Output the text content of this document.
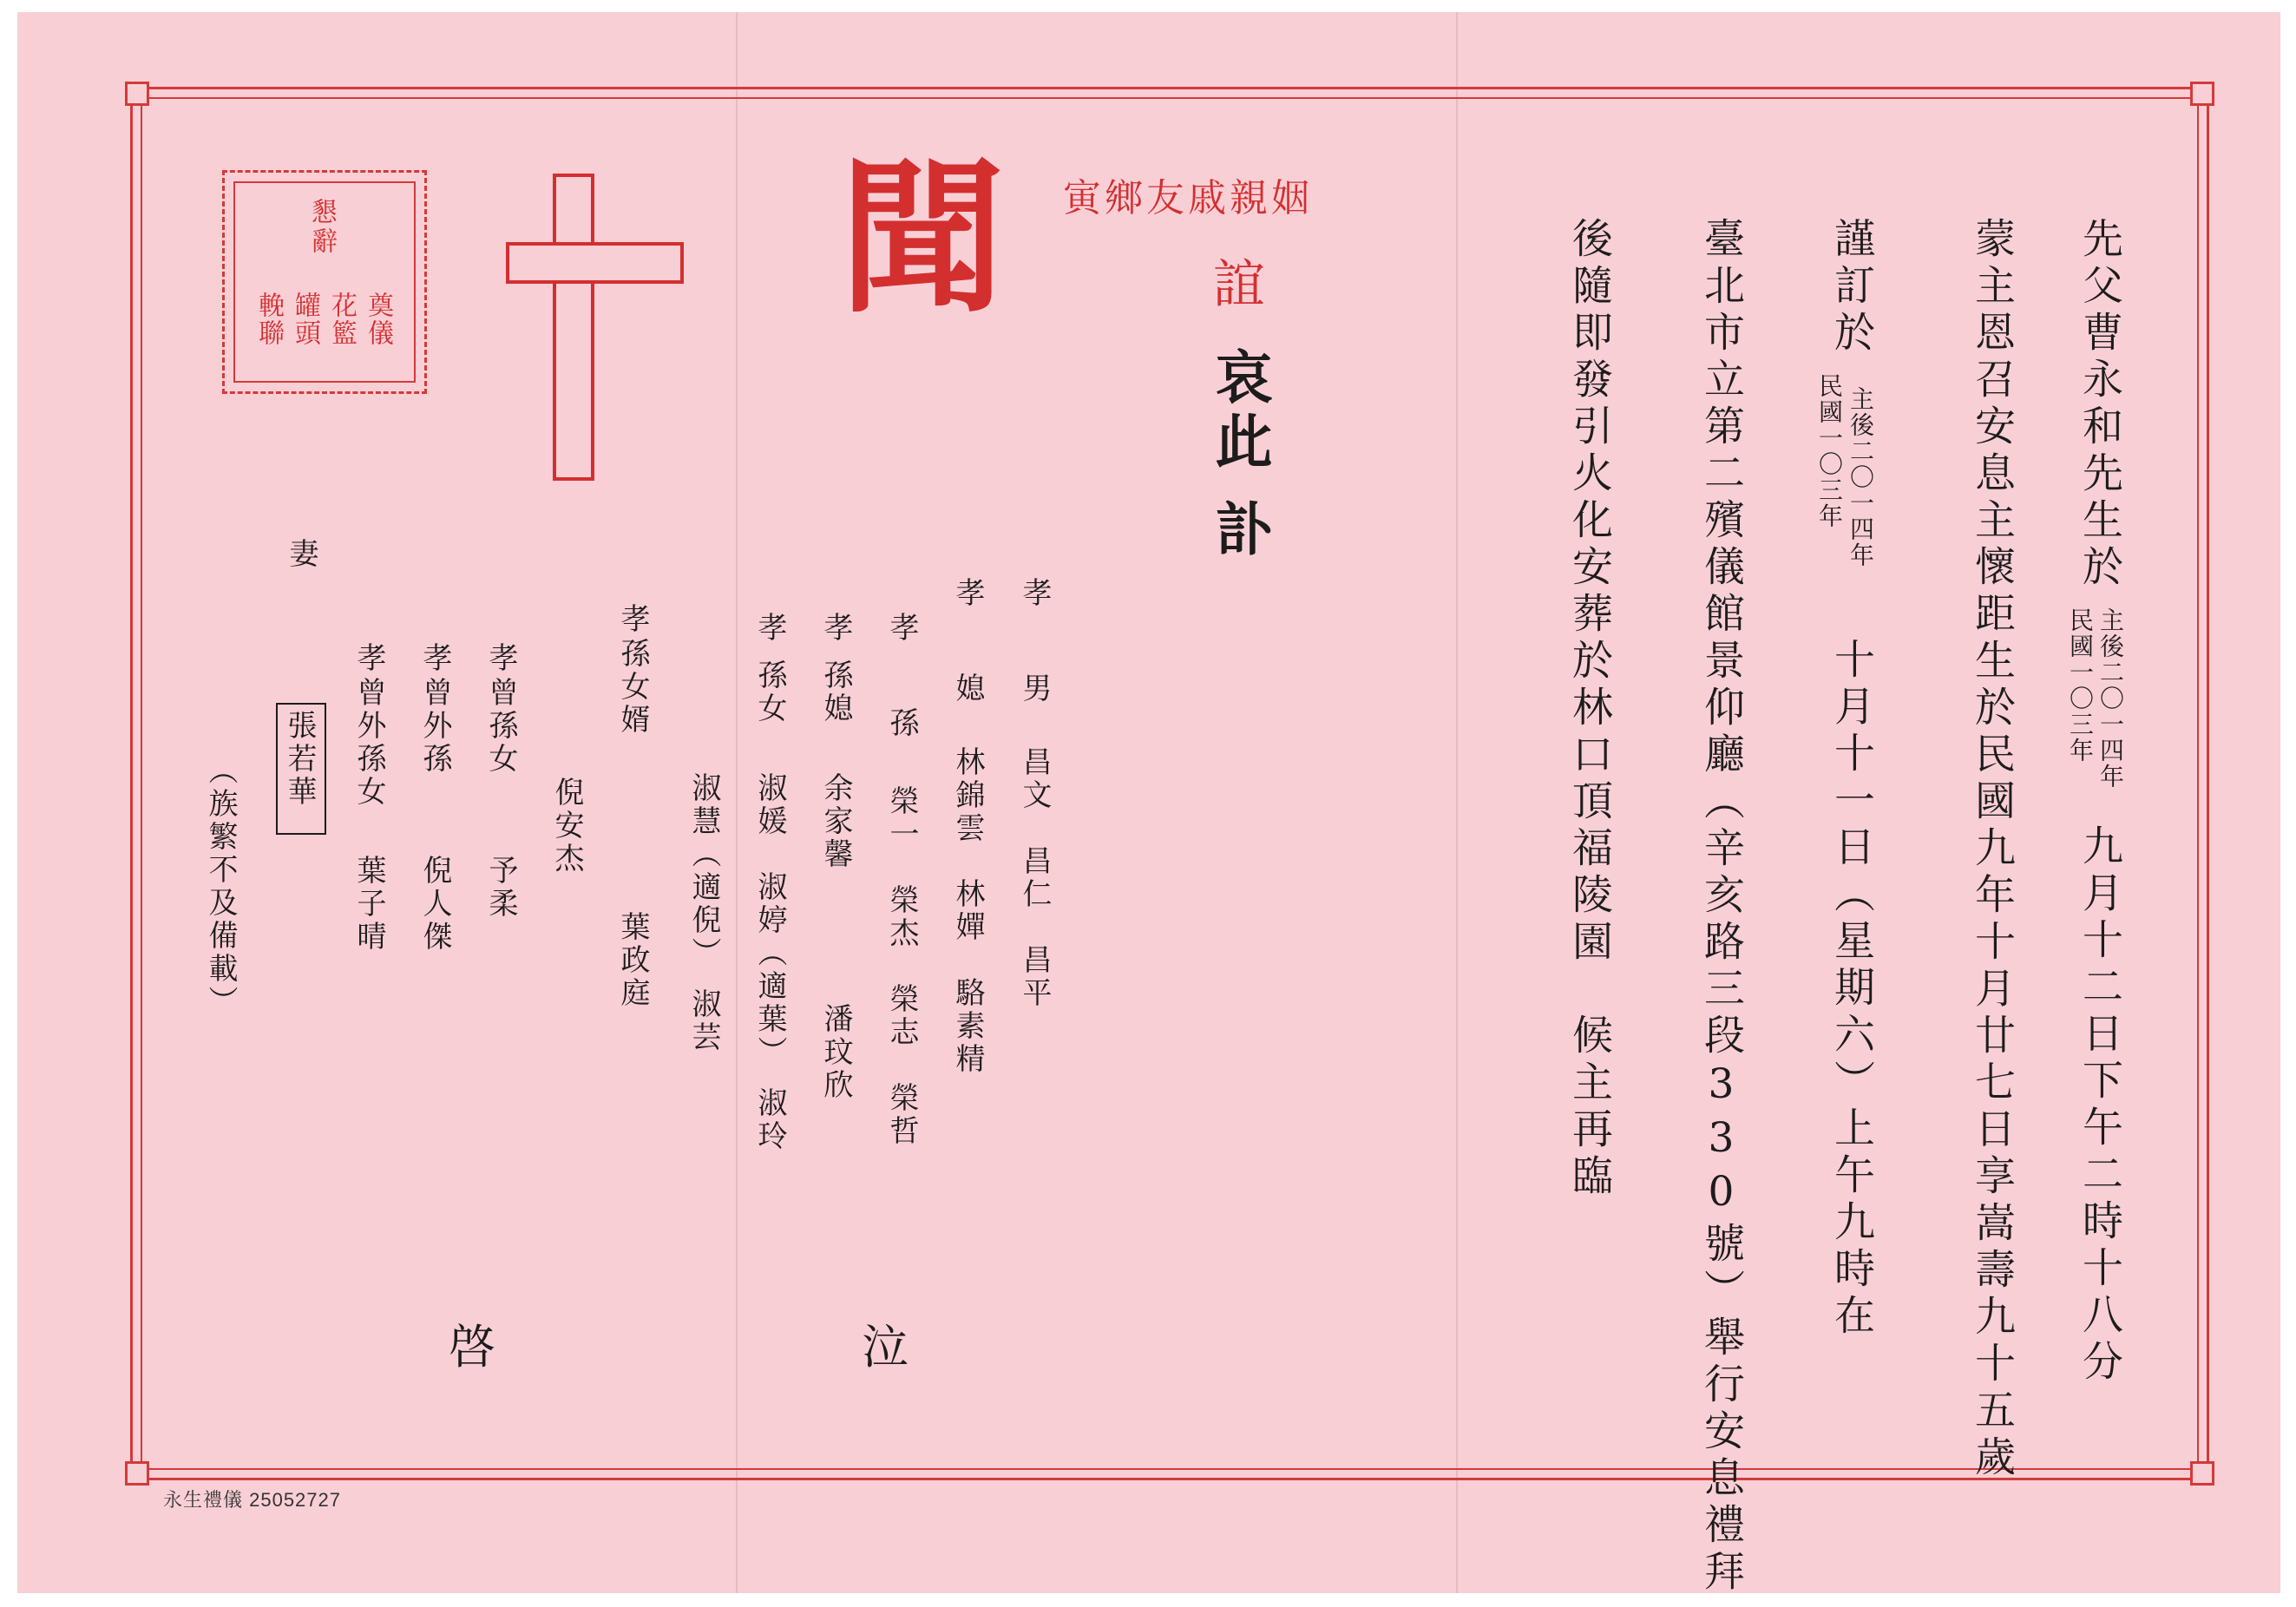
先父曹永和先生於
主後二〇一四年
民國一〇三年
九月十二日下午二時十八分
蒙主恩召安息主懷距生於民國九年十月廿七日享嵩壽九十五歲
謹訂於
主後二〇一四年
民國一〇三年
十月十一日（星期六）上午九時在
臺北市立第二殯儀館景仰廳（辛亥路三段330號）舉行安息禮拜
後隨即發引火化安葬於林口頂福陵園　候主再臨
寅鄉友戚親姻
誼
聞
哀此
訃
懇辭
奠儀
花籃
罐頭
輓聯
孝
男
昌文　昌仁　昌平
孝
媳
林錦雲　林嬋　駱素精
孝
孫
榮一　榮杰　榮志　榮哲
孝
孫媳
余家馨　　　　潘玟欣
孝
孫女
淑媛　淑婷（適葉）　淑玲
淑慧（適倪）　淑芸
孝
孫女婿
葉政庭
倪安杰
孝
曾孫女
予柔
孝
曾外孫
倪人傑
孝
曾外孫女
葉子晴
泣
妻
張若華
（族繁不及備載）
啓
永生禮儀 25052727
